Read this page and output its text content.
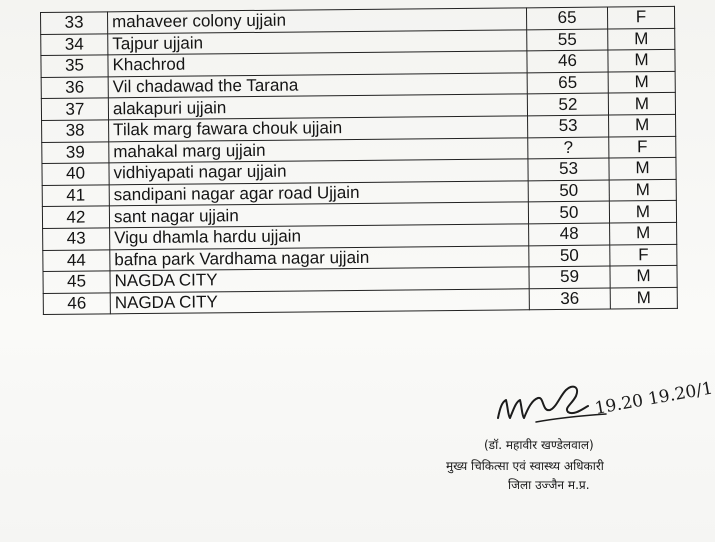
33	mahaveer colony ujjain	65	F
34	Tajpur ujjain	55	M
35	Khachrod	46	M
36	Vil chadawad the Tarana	65	M
37	alakapuri ujjain	52	M
38	Tilak marg fawara chouk ujjain	53	M
39	mahakal marg ujjain	?	F
40	vidhiyapati nagar ujjain	53	M
41	sandipani nagar agar road Ujjain	50	M
42	sant nagar ujjain	50	M
43	Vigu dhamla hardu ujjain	48	M
44	bafna park Vardhama nagar ujjain	50	F
45	NAGDA CITY	59	M
46	NAGDA CITY	36	M
19.20 19.20/1
(डॉ. महावीर खण्डेलवाल)
मुख्य चिकित्सा एवं स्वास्थ्य अधिकारी
जिला उज्जैन म.प्र.
